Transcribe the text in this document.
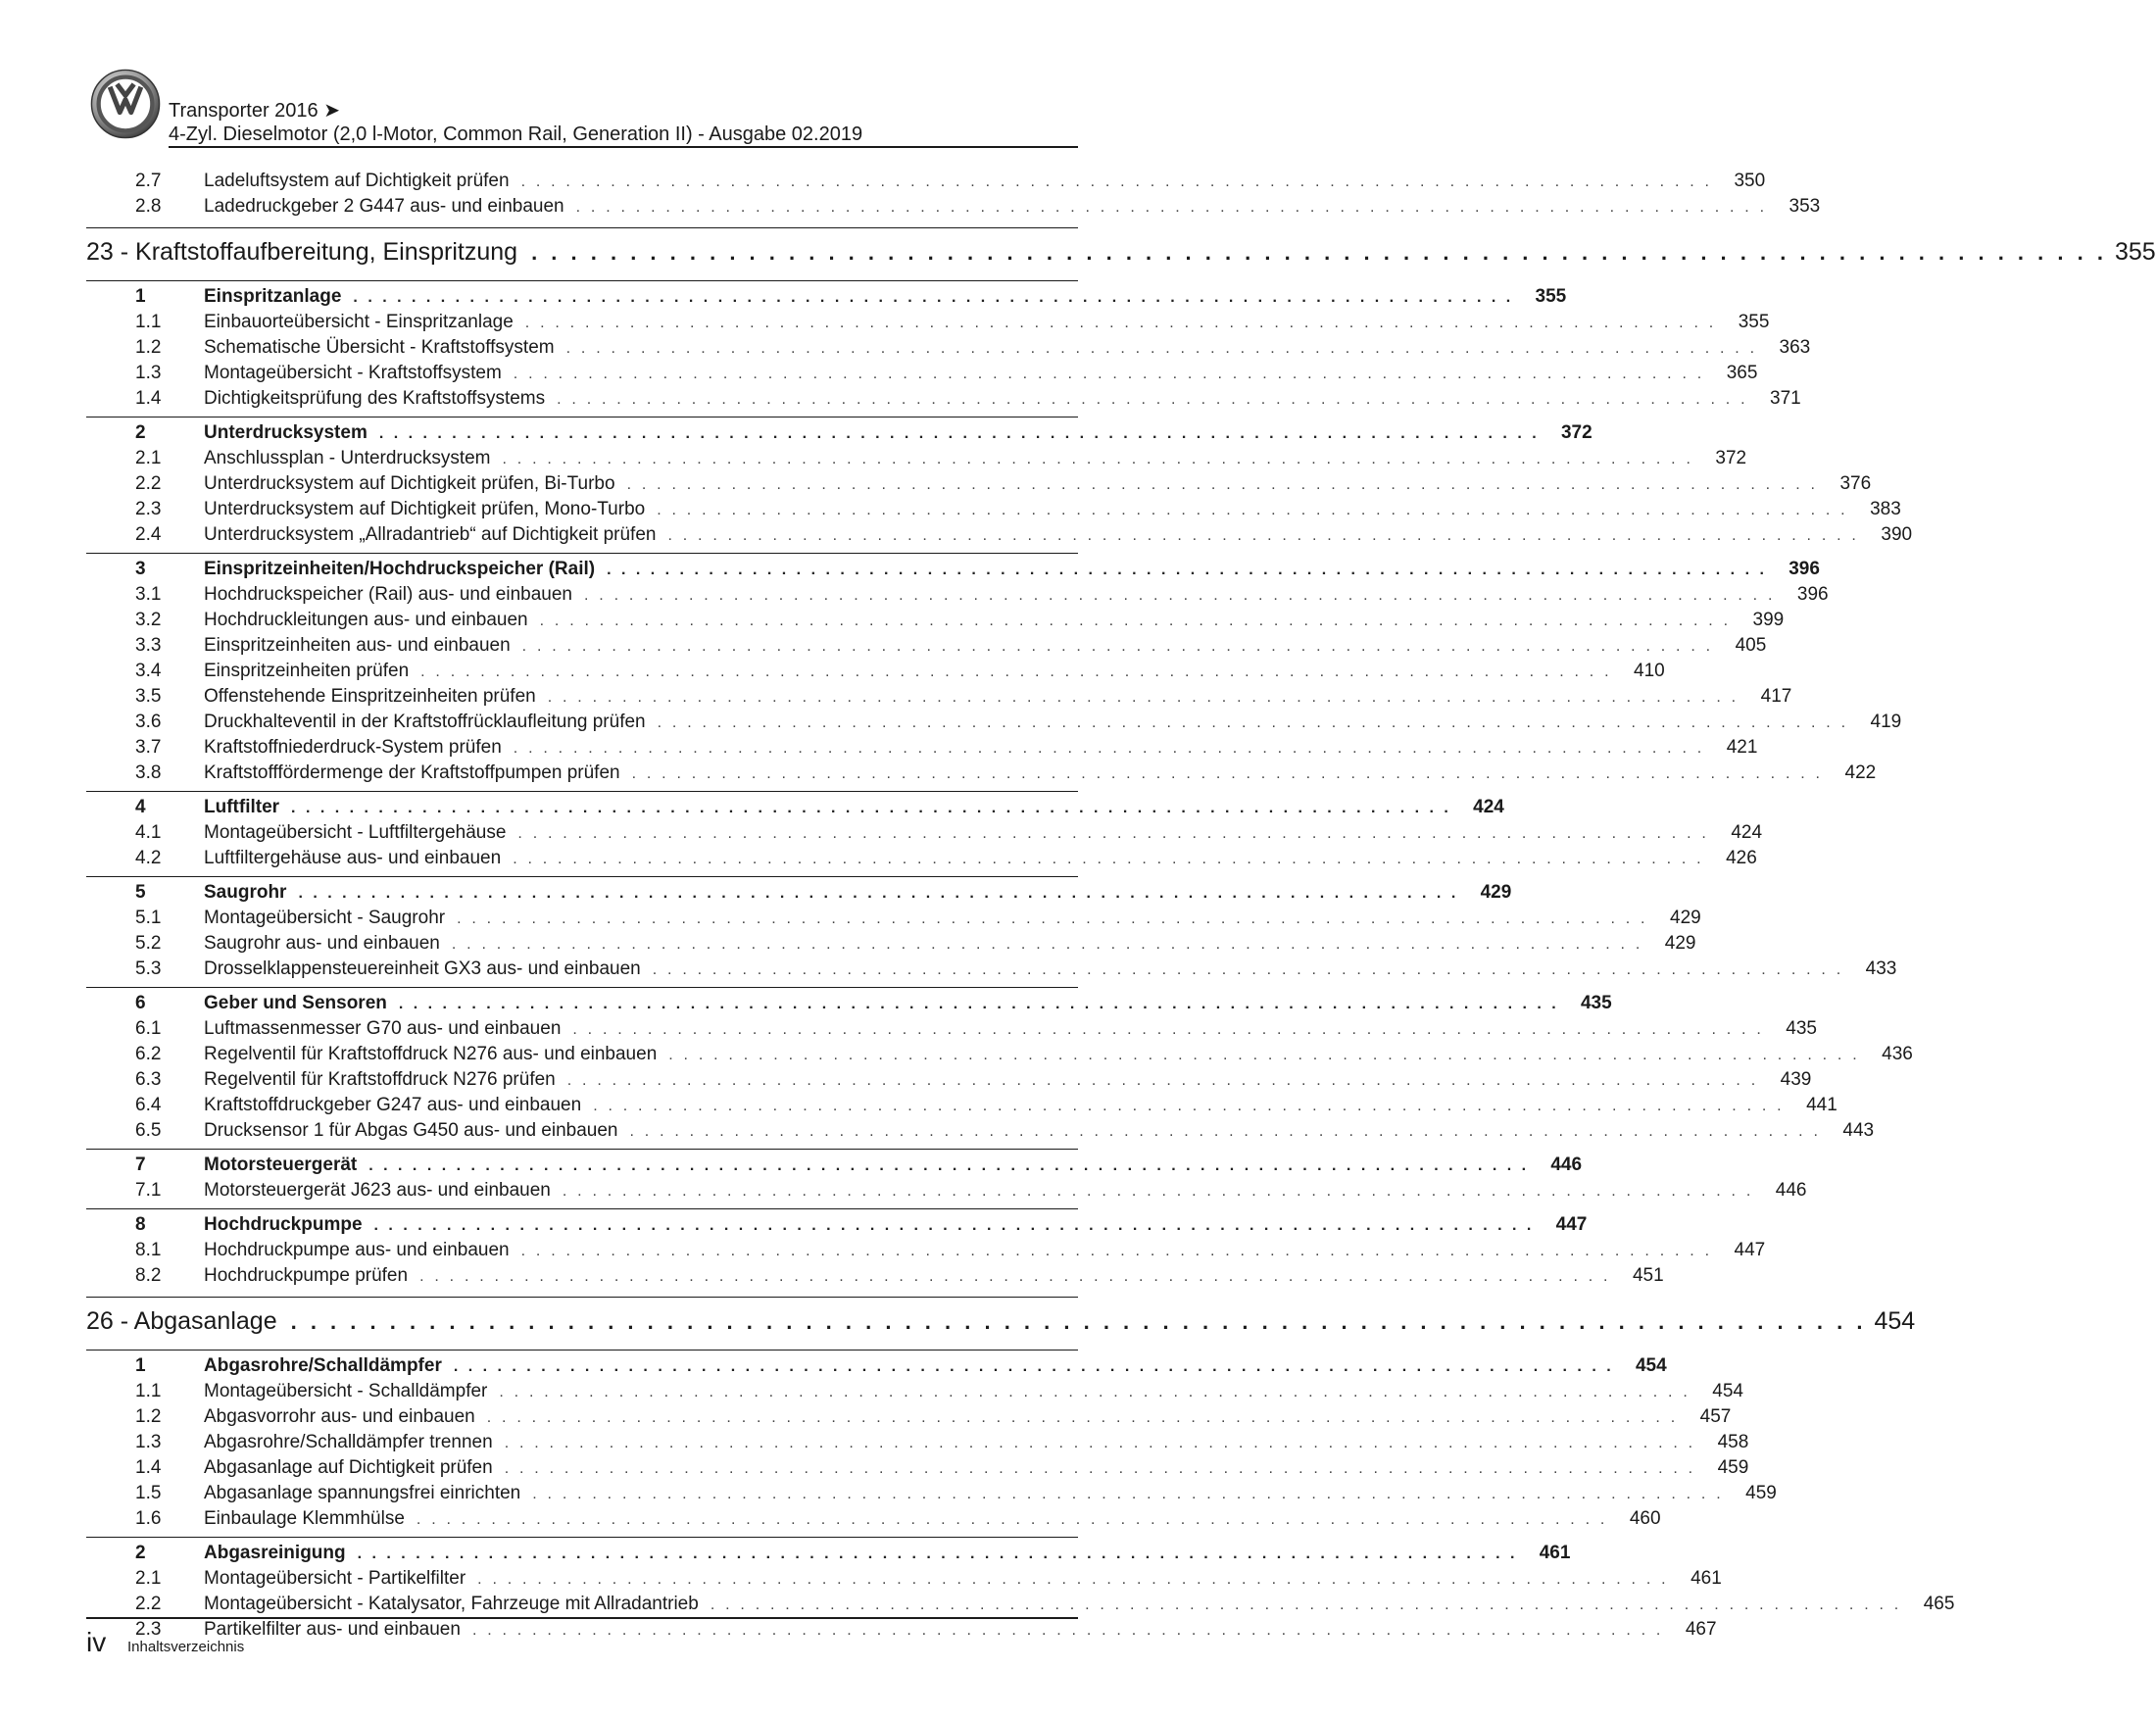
Transporter 2016 ➤
4-Zyl. Dieselmotor (2,0 l-Motor, Common Rail, Generation II) - Ausgabe 02.2019
2.7	Ladeluftsystem auf Dichtigkeit prüfen . . . . . . . . . . . . . . . . . . . . . . . . . . . . . . . . . . . . . . . . . . . . . . . . . . . . . . . . . . . . . . . . . . . . . . . . . . . . . . . .	350
2.8	Ladedruckgeber 2 G447 aus- und einbauen . . . . . . . . . . . . . . . . . . . . . . . . . . . . . . . . . . . . . . . . . . . . . . . . . . . . . . . . . . . . . . . . . . . . . . . . . . . . . . . .	353
23 - Kraftstoffaufbereitung, Einspritzung . . . . . . . . . . . . . . . . . . . . . . . . . . . . . . . . . . . . . . . . . . . . . . . . . . . . . . . . . . . . . . . . . . . . . . . . . . . . . . . . 355
1	Einspritzanlage . . . . . . . . . . . . . . . . . . . . . . . . . . . . . . . . . . . . . . . . . . . . . . . . . . . . . . . . . . . . . . . . . . . . . . . . . . . . . . . .	355
1.1	Einbauorteübersicht - Einspritzanlage . . . . . . . . . . . . . . . . . . . . . . . . . . . . . . . . . . . . . . . . . . . . . . . . . . . . . . . . . . . . . . . . . . . . . . . . . . . . . . . .	355
1.2	Schematische Übersicht - Kraftstoffsystem . . . . . . . . . . . . . . . . . . . . . . . . . . . . . . . . . . . . . . . . . . . . . . . . . . . . . . . . . . . . . . . . . . . . . . . . . . . . . . . .	363
1.3	Montageübersicht - Kraftstoffsystem . . . . . . . . . . . . . . . . . . . . . . . . . . . . . . . . . . . . . . . . . . . . . . . . . . . . . . . . . . . . . . . . . . . . . . . . . . . . . . . .	365
1.4	Dichtigkeitsprüfung des Kraftstoffsystems . . . . . . . . . . . . . . . . . . . . . . . . . . . . . . . . . . . . . . . . . . . . . . . . . . . . . . . . . . . . . . . . . . . . . . . . . . . . . . . .	371
2	Unterdrucksystem . . . . . . . . . . . . . . . . . . . . . . . . . . . . . . . . . . . . . . . . . . . . . . . . . . . . . . . . . . . . . . . . . . . . . . . . . . . . . . . .	372
2.1	Anschlussplan - Unterdrucksystem . . . . . . . . . . . . . . . . . . . . . . . . . . . . . . . . . . . . . . . . . . . . . . . . . . . . . . . . . . . . . . . . . . . . . . . . . . . . . . . .	372
2.2	Unterdrucksystem auf Dichtigkeit prüfen, Bi-Turbo . . . . . . . . . . . . . . . . . . . . . . . . . . . . . . . . . . . . . . . . . . . . . . . . . . . . . . . . . . . . . . . . . . . . . . . . . . . . . . . .	376
2.3	Unterdrucksystem auf Dichtigkeit prüfen, Mono-Turbo . . . . . . . . . . . . . . . . . . . . . . . . . . . . . . . . . . . . . . . . . . . . . . . . . . . . . . . . . . . . . . . . . . . . . . . . . . . . . . . .	383
2.4	Unterdrucksystem „Allradantrieb“ auf Dichtigkeit prüfen . . . . . . . . . . . . . . . . . . . . . . . . . . . . . . . . . . . . . . . . . . . . . . . . . . . . . . . . . . . . . . . . . . . . . . . . . . . . . . . .	390
3	Einspritzeinheiten/Hochdruckspeicher (Rail) . . . . . . . . . . . . . . . . . . . . . . . . . . . . . . . . . . . . . . . . . . . . . . . . . . . . . . . . . . . . . . . . . . . . . . . . . . . . . . . .	396
3.1	Hochdruckspeicher (Rail) aus- und einbauen . . . . . . . . . . . . . . . . . . . . . . . . . . . . . . . . . . . . . . . . . . . . . . . . . . . . . . . . . . . . . . . . . . . . . . . . . . . . . . . .	396
3.2	Hochdruckleitungen aus- und einbauen . . . . . . . . . . . . . . . . . . . . . . . . . . . . . . . . . . . . . . . . . . . . . . . . . . . . . . . . . . . . . . . . . . . . . . . . . . . . . . . .	399
3.3	Einspritzeinheiten aus- und einbauen . . . . . . . . . . . . . . . . . . . . . . . . . . . . . . . . . . . . . . . . . . . . . . . . . . . . . . . . . . . . . . . . . . . . . . . . . . . . . . . .	405
3.4	Einspritzeinheiten prüfen . . . . . . . . . . . . . . . . . . . . . . . . . . . . . . . . . . . . . . . . . . . . . . . . . . . . . . . . . . . . . . . . . . . . . . . . . . . . . . . .	410
3.5	Offenstehende Einspritzeinheiten prüfen . . . . . . . . . . . . . . . . . . . . . . . . . . . . . . . . . . . . . . . . . . . . . . . . . . . . . . . . . . . . . . . . . . . . . . . . . . . . . . . .	417
3.6	Druckhalteventil in der Kraftstoffrücklaufleitung prüfen . . . . . . . . . . . . . . . . . . . . . . . . . . . . . . . . . . . . . . . . . . . . . . . . . . . . . . . . . . . . . . . . . . . . . . . . . . . . . . . .	419
3.7	Kraftstoffniederdruck-System prüfen . . . . . . . . . . . . . . . . . . . . . . . . . . . . . . . . . . . . . . . . . . . . . . . . . . . . . . . . . . . . . . . . . . . . . . . . . . . . . . . .	421
3.8	Kraftstofffördermenge der Kraftstoffpumpen prüfen . . . . . . . . . . . . . . . . . . . . . . . . . . . . . . . . . . . . . . . . . . . . . . . . . . . . . . . . . . . . . . . . . . . . . . . . . . . . . . . .	422
4	Luftfilter . . . . . . . . . . . . . . . . . . . . . . . . . . . . . . . . . . . . . . . . . . . . . . . . . . . . . . . . . . . . . . . . . . . . . . . . . . . . . . . .	424
4.1	Montageübersicht - Luftfiltergehäuse . . . . . . . . . . . . . . . . . . . . . . . . . . . . . . . . . . . . . . . . . . . . . . . . . . . . . . . . . . . . . . . . . . . . . . . . . . . . . . . .	424
4.2	Luftfiltergehäuse aus- und einbauen . . . . . . . . . . . . . . . . . . . . . . . . . . . . . . . . . . . . . . . . . . . . . . . . . . . . . . . . . . . . . . . . . . . . . . . . . . . . . . . .	426
5	Saugrohr . . . . . . . . . . . . . . . . . . . . . . . . . . . . . . . . . . . . . . . . . . . . . . . . . . . . . . . . . . . . . . . . . . . . . . . . . . . . . . . .	429
5.1	Montageübersicht - Saugrohr . . . . . . . . . . . . . . . . . . . . . . . . . . . . . . . . . . . . . . . . . . . . . . . . . . . . . . . . . . . . . . . . . . . . . . . . . . . . . . . .	429
5.2	Saugrohr aus- und einbauen . . . . . . . . . . . . . . . . . . . . . . . . . . . . . . . . . . . . . . . . . . . . . . . . . . . . . . . . . . . . . . . . . . . . . . . . . . . . . . . .	429
5.3	Drosselklappensteuereinheit GX3 aus- und einbauen . . . . . . . . . . . . . . . . . . . . . . . . . . . . . . . . . . . . . . . . . . . . . . . . . . . . . . . . . . . . . . . . . . . . . . . . . . . . . . . .	433
6	Geber und Sensoren . . . . . . . . . . . . . . . . . . . . . . . . . . . . . . . . . . . . . . . . . . . . . . . . . . . . . . . . . . . . . . . . . . . . . . . . . . . . . . . .	435
6.1	Luftmassenmesser G70 aus- und einbauen . . . . . . . . . . . . . . . . . . . . . . . . . . . . . . . . . . . . . . . . . . . . . . . . . . . . . . . . . . . . . . . . . . . . . . . . . . . . . . . .	435
6.2	Regelventil für Kraftstoffdruck N276 aus- und einbauen . . . . . . . . . . . . . . . . . . . . . . . . . . . . . . . . . . . . . . . . . . . . . . . . . . . . . . . . . . . . . . . . . . . . . . . . . . . . . . . .	436
6.3	Regelventil für Kraftstoffdruck N276 prüfen . . . . . . . . . . . . . . . . . . . . . . . . . . . . . . . . . . . . . . . . . . . . . . . . . . . . . . . . . . . . . . . . . . . . . . . . . . . . . . . .	439
6.4	Kraftstoffdruckgeber G247 aus- und einbauen . . . . . . . . . . . . . . . . . . . . . . . . . . . . . . . . . . . . . . . . . . . . . . . . . . . . . . . . . . . . . . . . . . . . . . . . . . . . . . . .	441
6.5	Drucksensor 1 für Abgas G450 aus- und einbauen . . . . . . . . . . . . . . . . . . . . . . . . . . . . . . . . . . . . . . . . . . . . . . . . . . . . . . . . . . . . . . . . . . . . . . . . . . . . . . . .	443
7	Motorsteuergerät . . . . . . . . . . . . . . . . . . . . . . . . . . . . . . . . . . . . . . . . . . . . . . . . . . . . . . . . . . . . . . . . . . . . . . . . . . . . . . . .	446
7.1	Motorsteuergerät J623 aus- und einbauen . . . . . . . . . . . . . . . . . . . . . . . . . . . . . . . . . . . . . . . . . . . . . . . . . . . . . . . . . . . . . . . . . . . . . . . . . . . . . . . .	446
8	Hochdruckpumpe . . . . . . . . . . . . . . . . . . . . . . . . . . . . . . . . . . . . . . . . . . . . . . . . . . . . . . . . . . . . . . . . . . . . . . . . . . . . . . . .	447
8.1	Hochdruckpumpe aus- und einbauen . . . . . . . . . . . . . . . . . . . . . . . . . . . . . . . . . . . . . . . . . . . . . . . . . . . . . . . . . . . . . . . . . . . . . . . . . . . . . . . .	447
8.2	Hochdruckpumpe prüfen . . . . . . . . . . . . . . . . . . . . . . . . . . . . . . . . . . . . . . . . . . . . . . . . . . . . . . . . . . . . . . . . . . . . . . . . . . . . . . . .	451
26 - Abgasanlage . . . . . . . . . . . . . . . . . . . . . . . . . . . . . . . . . . . . . . . . . . . . . . . . . . . . . . . . . . . . . . . . . . . . . . . . . . . . . . . . 454
1	Abgasrohre/Schalldämpfer . . . . . . . . . . . . . . . . . . . . . . . . . . . . . . . . . . . . . . . . . . . . . . . . . . . . . . . . . . . . . . . . . . . . . . . . . . . . . . . .	454
1.1	Montageübersicht - Schalldämpfer . . . . . . . . . . . . . . . . . . . . . . . . . . . . . . . . . . . . . . . . . . . . . . . . . . . . . . . . . . . . . . . . . . . . . . . . . . . . . . . .	454
1.2	Abgasvorrohr aus- und einbauen . . . . . . . . . . . . . . . . . . . . . . . . . . . . . . . . . . . . . . . . . . . . . . . . . . . . . . . . . . . . . . . . . . . . . . . . . . . . . . . .	457
1.3	Abgasrohre/Schalldämpfer trennen . . . . . . . . . . . . . . . . . . . . . . . . . . . . . . . . . . . . . . . . . . . . . . . . . . . . . . . . . . . . . . . . . . . . . . . . . . . . . . . .	458
1.4	Abgasanlage auf Dichtigkeit prüfen . . . . . . . . . . . . . . . . . . . . . . . . . . . . . . . . . . . . . . . . . . . . . . . . . . . . . . . . . . . . . . . . . . . . . . . . . . . . . . . .	459
1.5	Abgasanlage spannungsfrei einrichten . . . . . . . . . . . . . . . . . . . . . . . . . . . . . . . . . . . . . . . . . . . . . . . . . . . . . . . . . . . . . . . . . . . . . . . . . . . . . . . .	459
1.6	Einbaulage Klemmhülse . . . . . . . . . . . . . . . . . . . . . . . . . . . . . . . . . . . . . . . . . . . . . . . . . . . . . . . . . . . . . . . . . . . . . . . . . . . . . . . .	460
2	Abgasreinigung . . . . . . . . . . . . . . . . . . . . . . . . . . . . . . . . . . . . . . . . . . . . . . . . . . . . . . . . . . . . . . . . . . . . . . . . . . . . . . . .	461
2.1	Montageübersicht - Partikelfilter . . . . . . . . . . . . . . . . . . . . . . . . . . . . . . . . . . . . . . . . . . . . . . . . . . . . . . . . . . . . . . . . . . . . . . . . . . . . . . . .	461
2.2	Montageübersicht - Katalysator, Fahrzeuge mit Allradantrieb . . . . . . . . . . . . . . . . . . . . . . . . . . . . . . . . . . . . . . . . . . . . . . . . . . . . . . . . . . . . . . . . . . . . . . . . . . . . . . . .	465
2.3	Partikelfilter aus- und einbauen . . . . . . . . . . . . . . . . . . . . . . . . . . . . . . . . . . . . . . . . . . . . . . . . . . . . . . . . . . . . . . . . . . . . . . . . . . . . . . . .	467
iv Inhaltsverzeichnis
